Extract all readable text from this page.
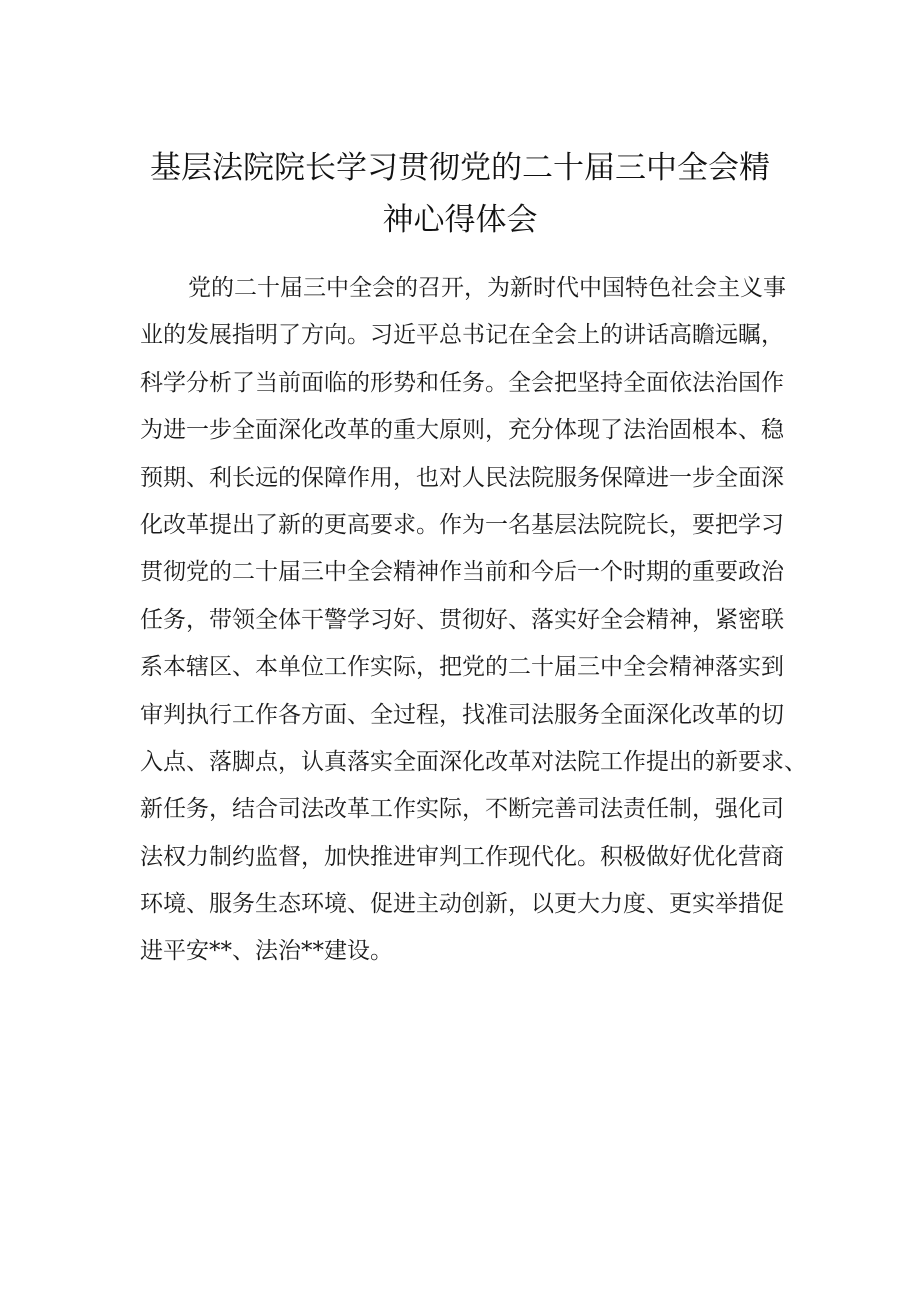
基层法院院长学习贯彻党的二十届三中全会精
神心得体会
党的二十届三中全会的召开，为新时代中国特色社会主义事
业的发展指明了方向。习近平总书记在全会上的讲话高瞻远瞩，
科学分析了当前面临的形势和任务。全会把坚持全面依法治国作
为进一步全面深化改革的重大原则，充分体现了法治固根本、稳
预期、利长远的保障作用，也对人民法院服务保障进一步全面深
化改革提出了新的更高要求。作为一名基层法院院长，要把学习
贯彻党的二十届三中全会精神作当前和今后一个时期的重要政治
任务，带领全体干警学习好、贯彻好、落实好全会精神，紧密联
系本辖区、本单位工作实际，把党的二十届三中全会精神落实到
审判执行工作各方面、全过程，找准司法服务全面深化改革的切
入点、落脚点，认真落实全面深化改革对法院工作提出的新要求、
新任务，结合司法改革工作实际，不断完善司法责任制，强化司
法权力制约监督，加快推进审判工作现代化。积极做好优化营商
环境、服务生态环境、促进主动创新，以更大力度、更实举措促
进平安**、法治**建设。
